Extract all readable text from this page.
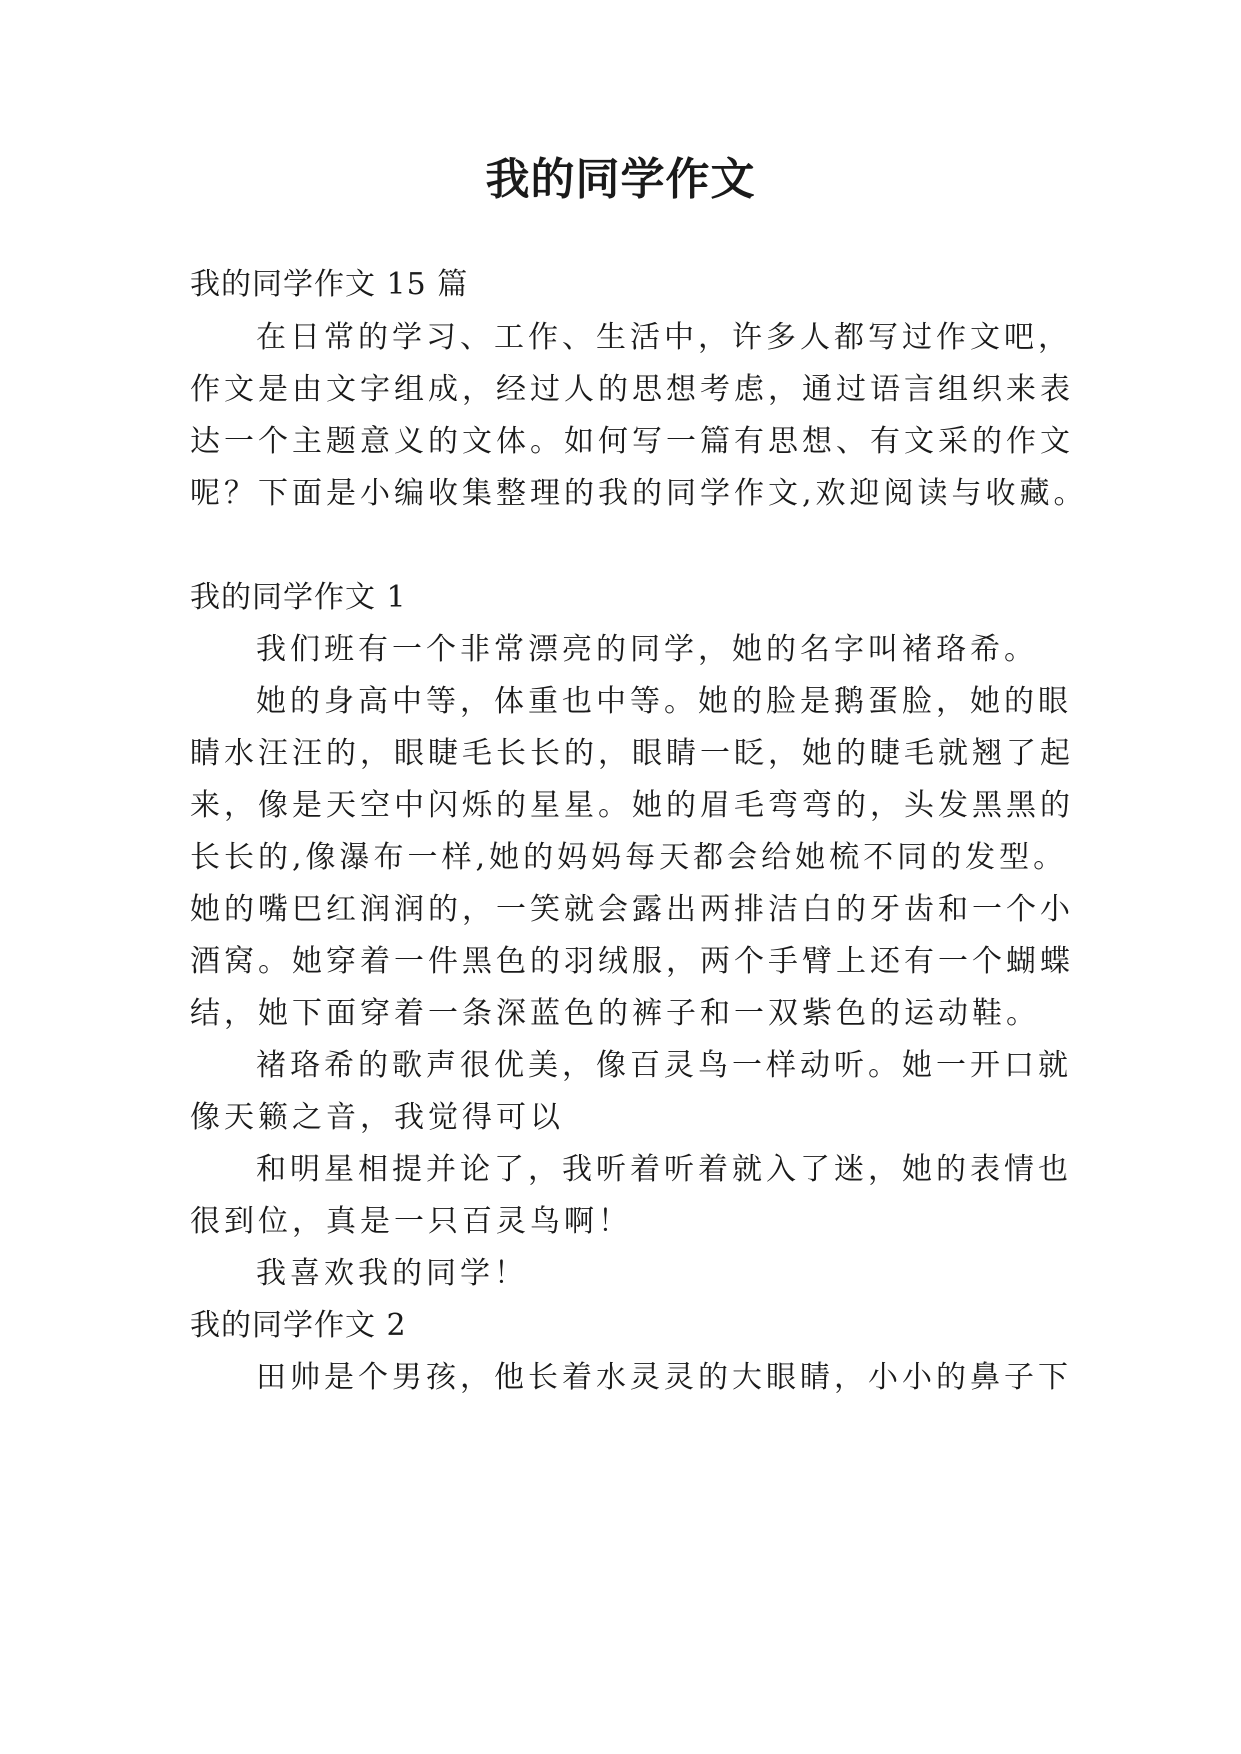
我的同学作文
我的同学作文 15 篇
在日常的学习、工作、生活中，许多人都写过作文吧，
作文是由文字组成，经过人的思想考虑，通过语言组织来表
达一个主题意义的文体。如何写一篇有思想、有文采的作文
呢？下面是小编收集整理的我的同学作文,欢迎阅读与收藏。
我的同学作文 1
我们班有一个非常漂亮的同学，她的名字叫褚珞希。
她的身高中等，体重也中等。她的脸是鹅蛋脸，她的眼
睛水汪汪的，眼睫毛长长的，眼睛一眨，她的睫毛就翘了起
来，像是天空中闪烁的星星。她的眉毛弯弯的，头发黑黑的
长长的,像瀑布一样,她的妈妈每天都会给她梳不同的发型。
她的嘴巴红润润的，一笑就会露出两排洁白的牙齿和一个小
酒窝。她穿着一件黑色的羽绒服，两个手臂上还有一个蝴蝶
结，她下面穿着一条深蓝色的裤子和一双紫色的运动鞋。
褚珞希的歌声很优美，像百灵鸟一样动听。她一开口就
像天籁之音，我觉得可以
和明星相提并论了，我听着听着就入了迷，她的表情也
很到位，真是一只百灵鸟啊！
我喜欢我的同学！
我的同学作文 2
田帅是个男孩，他长着水灵灵的大眼睛，小小的鼻子下
